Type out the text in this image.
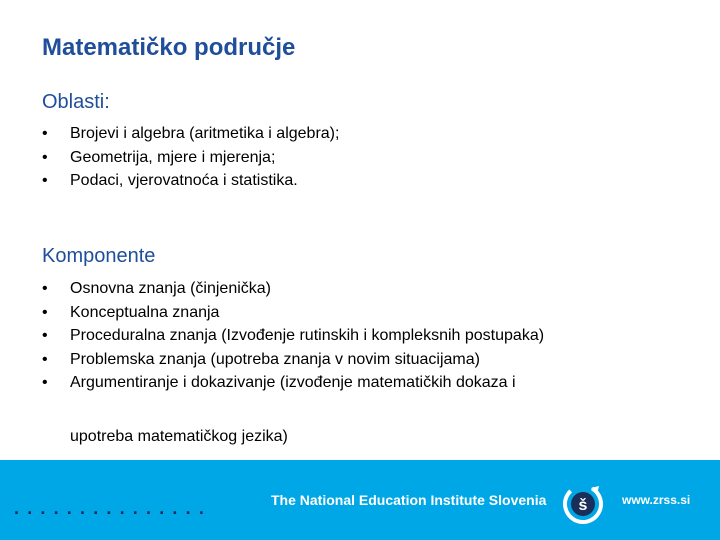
Matematičko područje
Oblasti:
• Brojevi i algebra (aritmetika i algebra);
• Geometrija, mjere i mjerenja;
• Podaci, vjerovatnoća i statistika.
Komponente
• Osnovna znanja (činjenička)
• Konceptualna znanja
• Proceduralna znanja (Izvođenje rutinskih i kompleksnih postupaka)
• Problemska znanja (upotreba znanja v novim situacijama)
• Argumentiranje i dokazivanje (izvođenje matematičkih dokaza i
upotreba matematičkog jezika)
...............	The National Education Institute Slovenia š	www.zrss.si
